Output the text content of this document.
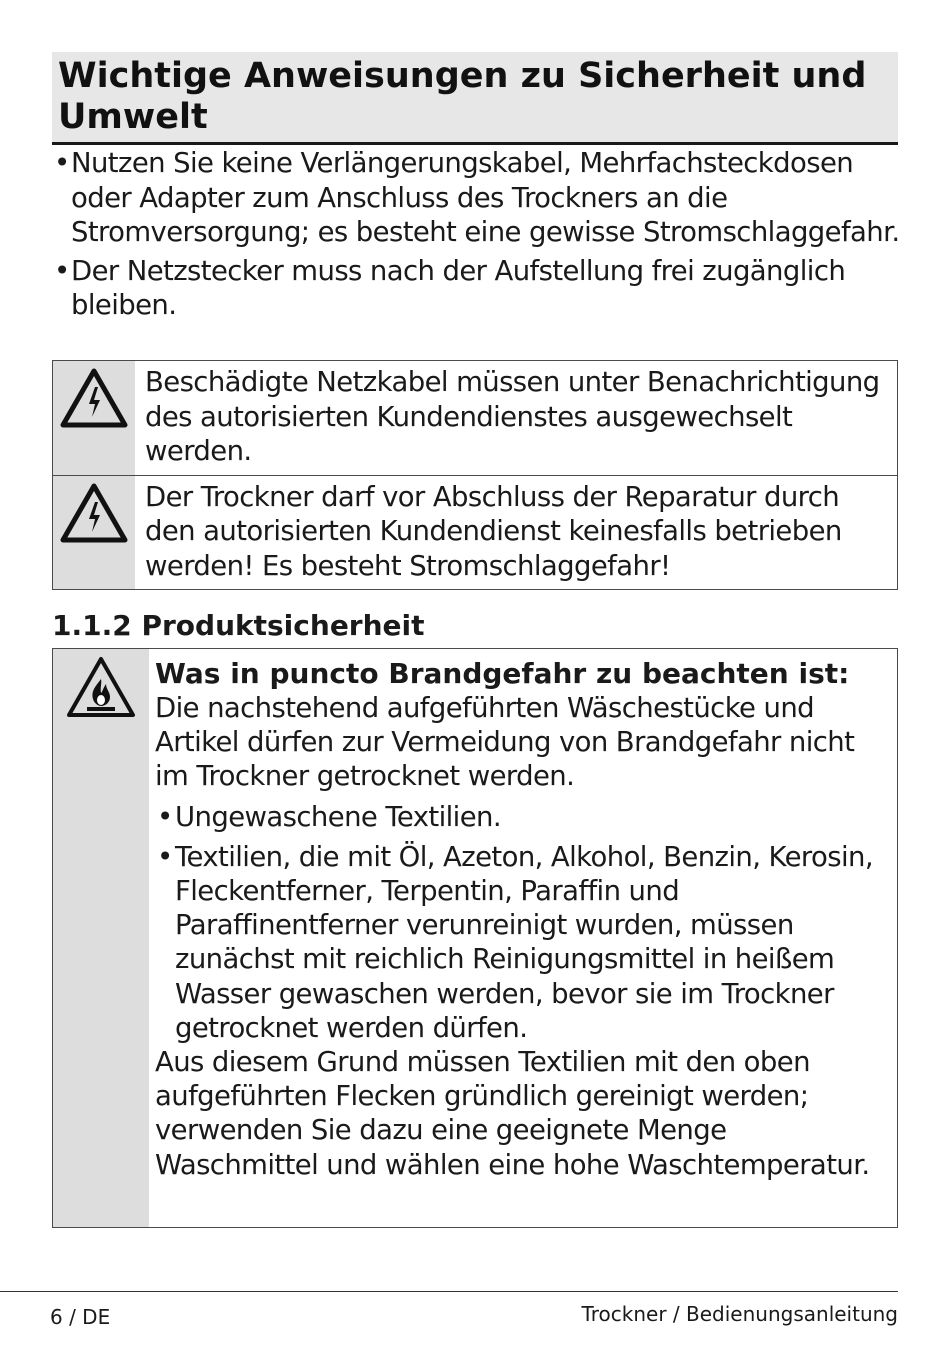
Wichtige Anweisungen zu Sicherheit und Umwelt
• Nutzen Sie keine Verlängerungskabel, Mehrfachsteckdosen oder Adapter zum Anschluss des Trockners an die Stromversorgung; es besteht eine gewisse Stromschlaggefahr.
• Der Netzstecker muss nach der Aufstellung frei zugänglich bleiben.
Beschädigte Netzkabel müssen unter Benachrichtigung des autorisierten Kundendienstes ausgewechselt werden.
Der Trockner darf vor Abschluss der Reparatur durch den autorisierten Kundendienst keinesfalls betrieben werden! Es besteht Stromschlaggefahr!
1.1.2 Produktsicherheit

Was in puncto Brandgefahr zu beachten ist:

Die nachstehend aufgeführten Wäschestücke und Artikel dürfen zur Vermeidung von Brandgefahr nicht im Trockner getrocknet werden.

• Ungewaschene Textilien.
• Textilien, die mit Öl, Azeton, Alkohol, Benzin, Kerosin, Fleckentferner, Terpentin, Paraffin und Paraffinentferner verunreinigt wurden, müssen zunächst mit reichlich Reinigungsmittel in heißem Wasser gewaschen werden, bevor sie im Trockner getrocknet werden dürfen.

Aus diesem Grund müssen Textilien mit den oben aufgeführten Flecken gründlich gereinigt werden; verwenden Sie dazu eine geeignete Menge Waschmittel und wählen eine hohe Waschtemperatur.

6 / DE	Trockner / Bedienungsanleitung
